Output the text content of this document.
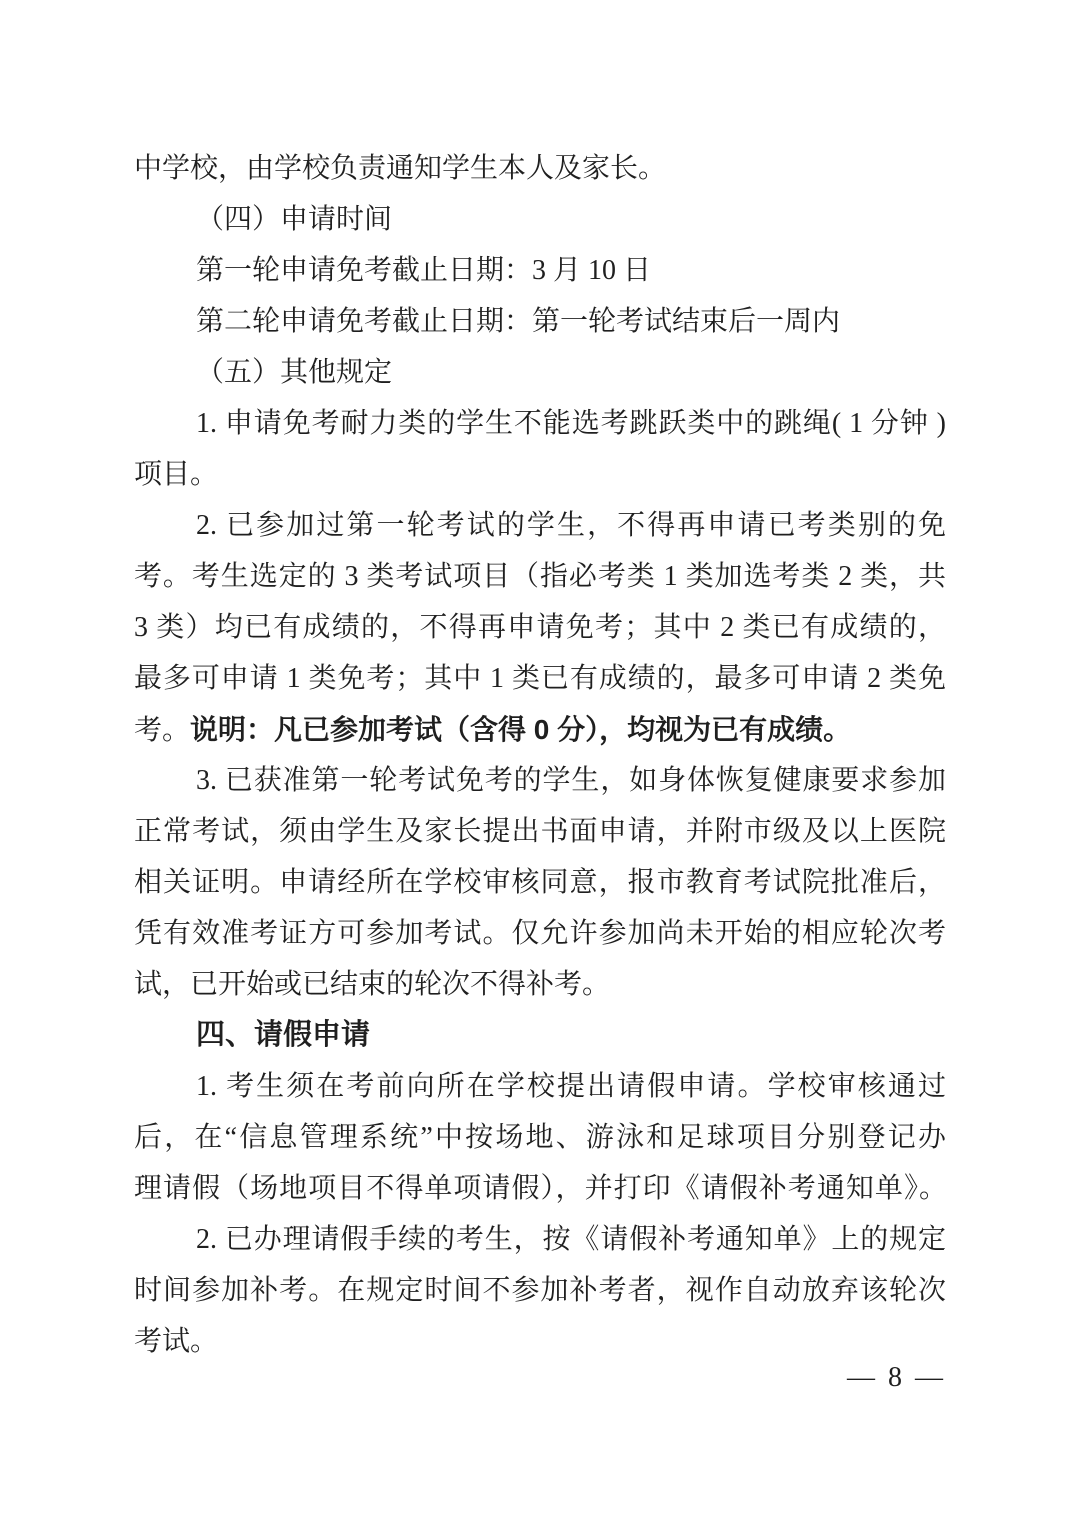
中学校，由学校负责通知学生本人及家长。
（四）申请时间
第一轮申请免考截止日期：3 月 10 日
第二轮申请免考截止日期：第一轮考试结束后一周内
（五）其他规定
1. 申请免考耐力类的学生不能选考跳跃类中的跳绳( 1 分钟 )
项目。
2. 已参加过第一轮考试的学生，不得再申请已考类别的免
考。考生选定的 3 类考试项目（指必考类 1 类加选考类 2 类，共
3 类）均已有成绩的，不得再申请免考；其中 2 类已有成绩的，
最多可申请 1 类免考；其中 1 类已有成绩的，最多可申请 2 类免
考。说明：凡已参加考试（含得 0 分），均视为已有成绩。
3. 已获准第一轮考试免考的学生，如身体恢复健康要求参加
正常考试，须由学生及家长提出书面申请，并附市级及以上医院
相关证明。申请经所在学校审核同意，报市教育考试院批准后，
凭有效准考证方可参加考试。仅允许参加尚未开始的相应轮次考
试，已开始或已结束的轮次不得补考。
四、请假申请
1. 考生须在考前向所在学校提出请假申请。学校审核通过
后，在“信息管理系统”中按场地、游泳和足球项目分别登记办
理请假（场地项目不得单项请假），并打印《请假补考通知单》。
2. 已办理请假手续的考生，按《请假补考通知单》上的规定
时间参加补考。在规定时间不参加补考者，视作自动放弃该轮次
考试。
— 8 —
